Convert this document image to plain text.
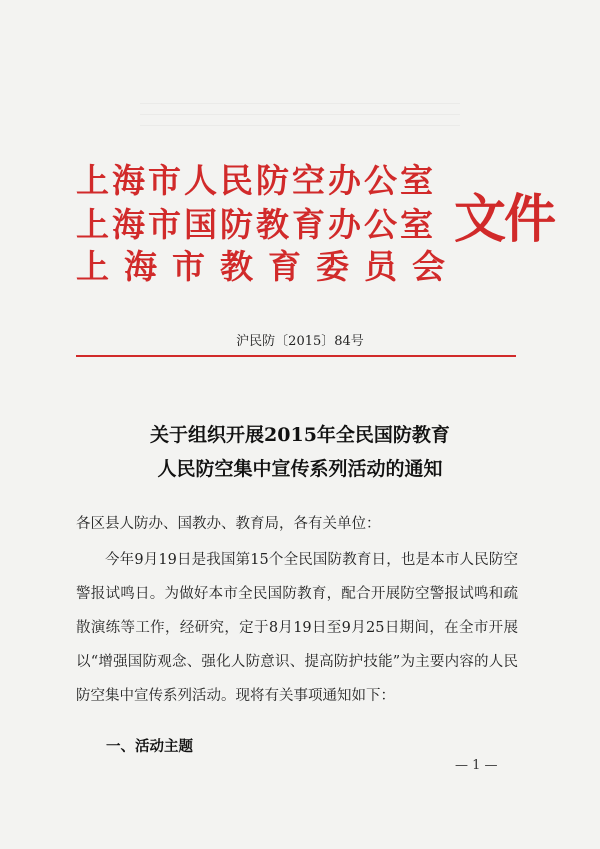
上海市人民防空办公室
上海市国防教育办公室
上海市教育委员会
文件
沪民防〔2015〕84号
关于组织开展2015年全民国防教育
人民防空集中宣传系列活动的通知
各区县人防办、国教办、教育局，各有关单位：
今年9月19日是我国第15个全民国防教育日，也是本市人民防空警报试鸣日。为做好本市全民国防教育，配合开展防空警报试鸣和疏散演练等工作，经研究，定于8月19日至9月25日期间，在全市开展以“增强国防观念、强化人防意识、提高防护技能”为主要内容的人民防空集中宣传系列活动。现将有关事项通知如下：
一、活动主题
— 1 —
